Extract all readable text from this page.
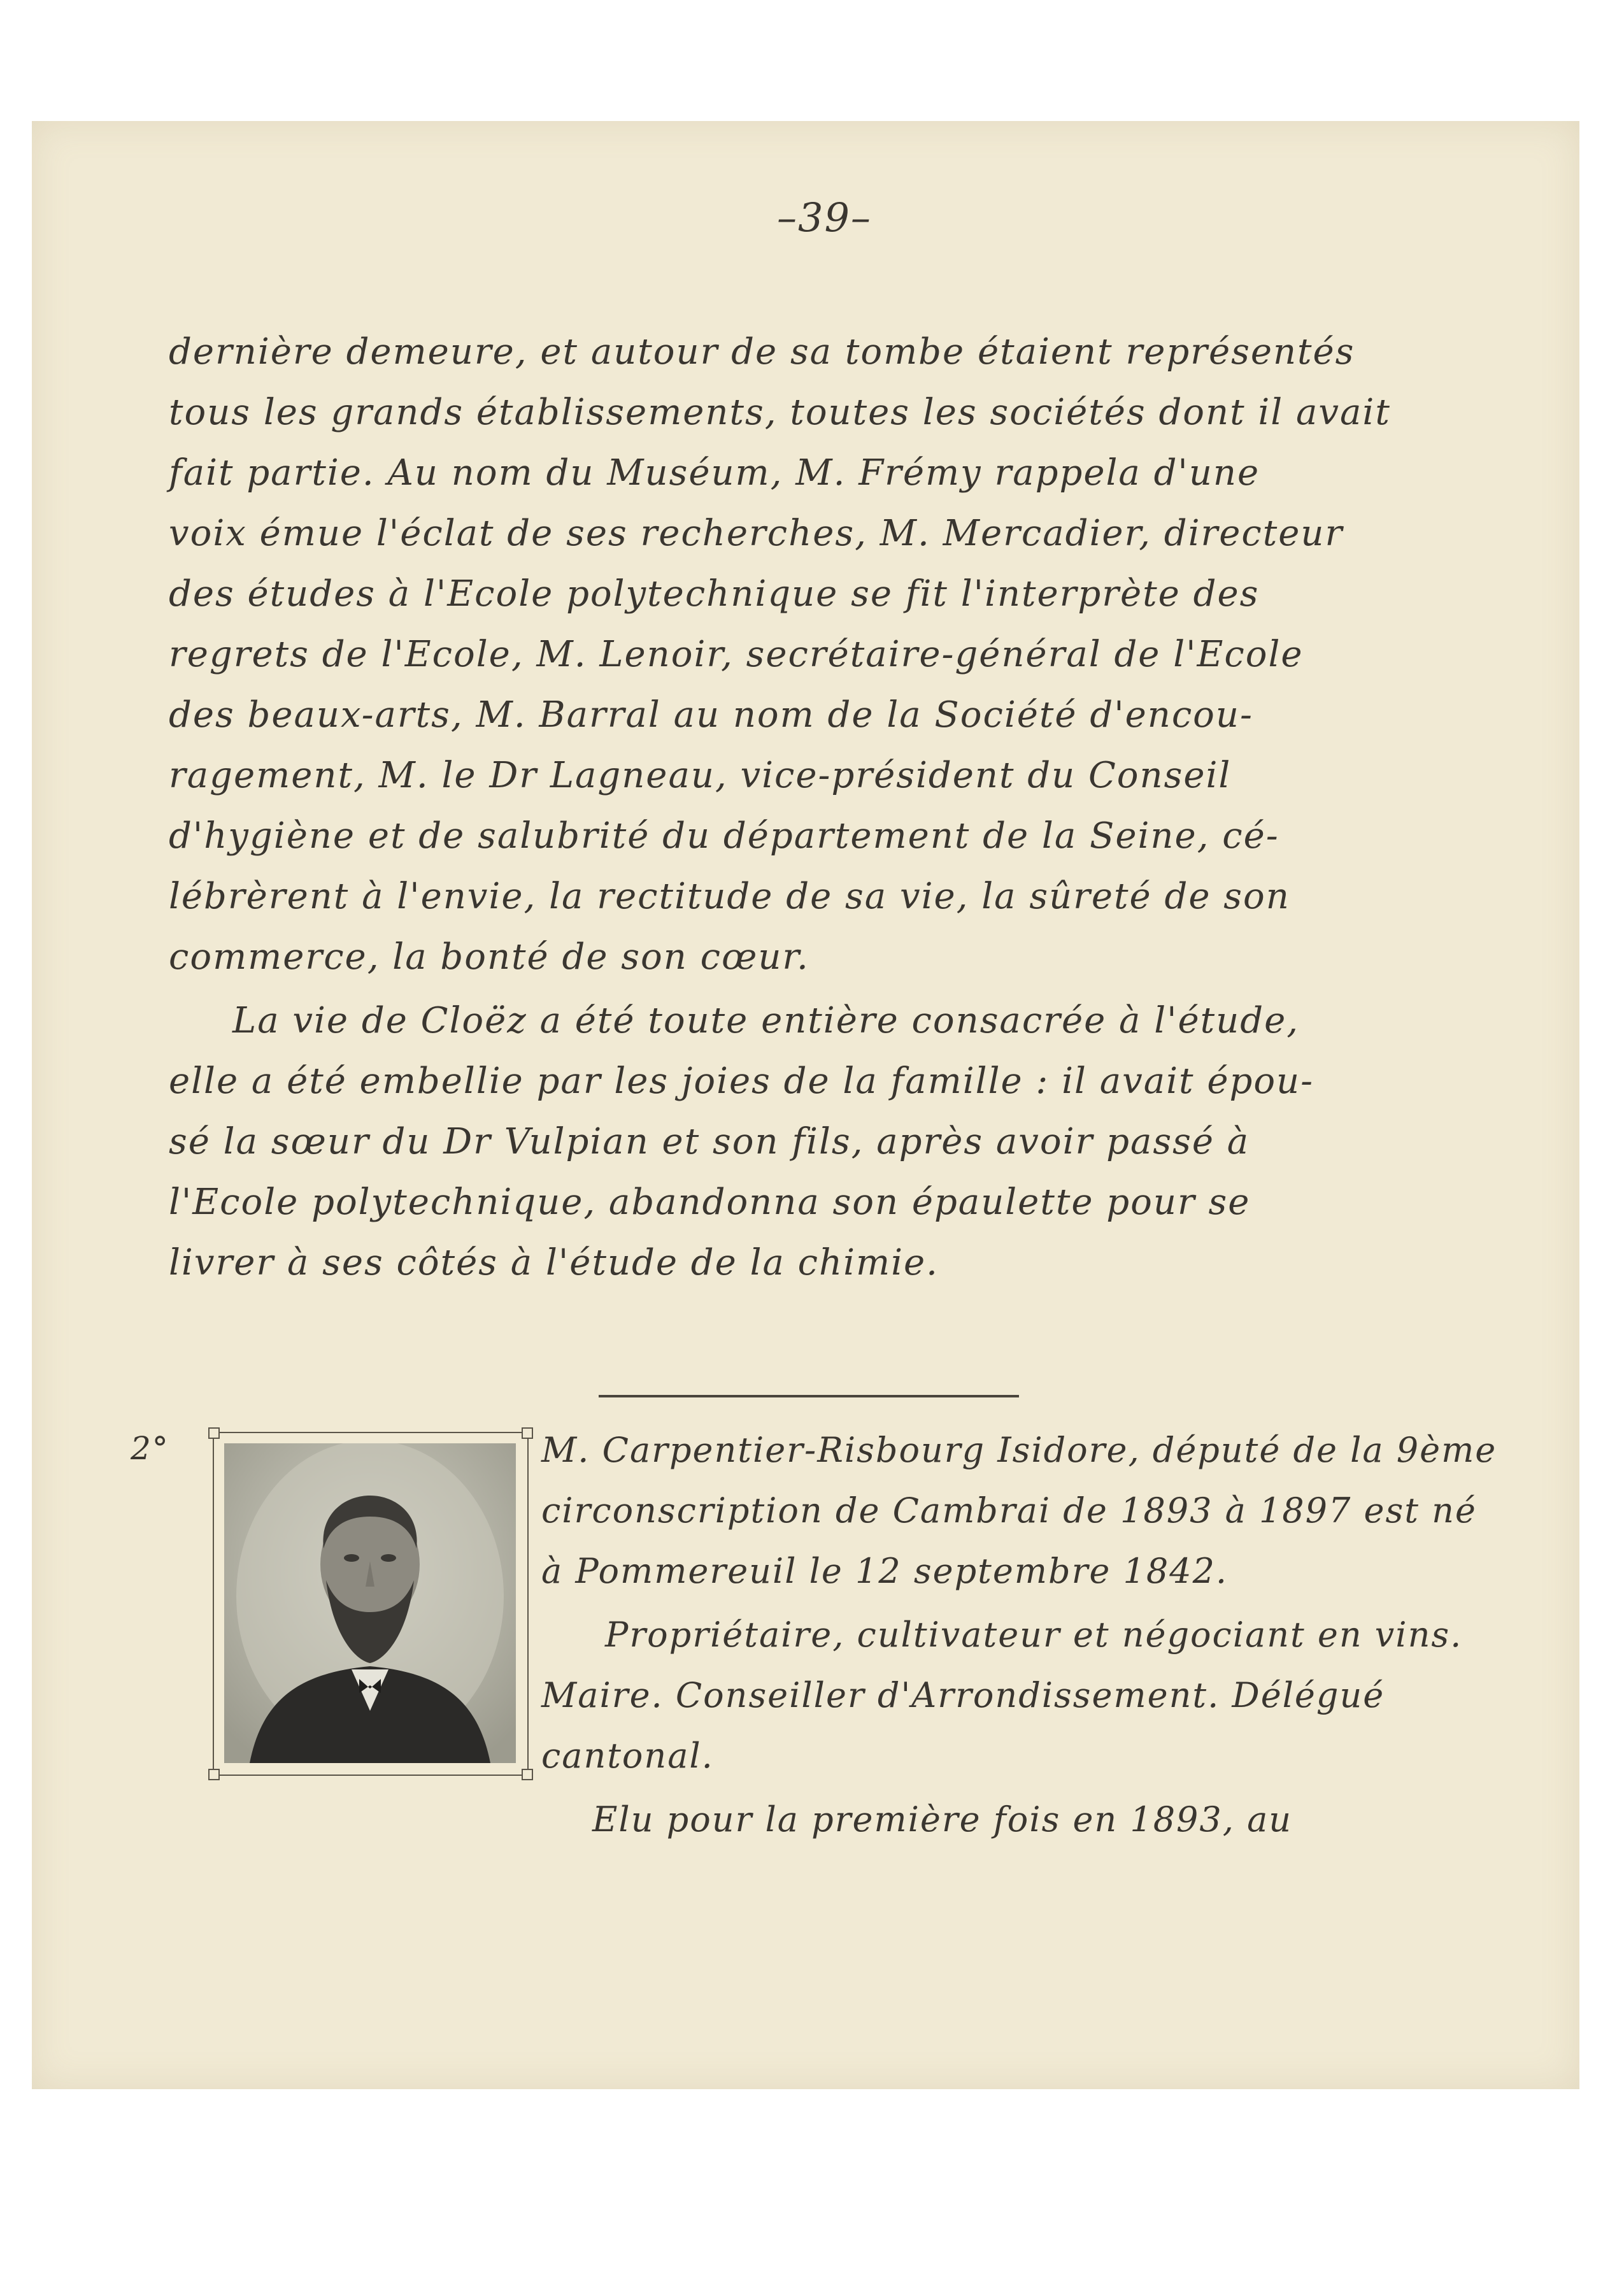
–39–
dernière demeure, et autour de sa tombe étaient représentés
tous les grands établissements, toutes les sociétés dont il avait
fait partie. Au nom du Muséum, M. Frémy rappela d'une
voix émue l'éclat de ses recherches, M. Mercadier, directeur
des études à l'Ecole polytechnique se fit l'interprète des
regrets de l'Ecole, M. Lenoir, secrétaire-général de l'Ecole
des beaux-arts, M. Barral au nom de la Société d'encou-
ragement, M. le Dr Lagneau, vice-président du Conseil
d'hygiène et de salubrité du département de la Seine, cé-
lébrèrent à l'envie, la rectitude de sa vie, la sûreté de son
commerce, la bonté de son cœur.
La vie de Cloëz a été toute entière consacrée à l'étude,
elle a été embellie par les joies de la famille : il avait épou-
sé la sœur du Dr Vulpian et son fils, après avoir passé à
l'Ecole polytechnique, abandonna son épaulette pour se
livrer à ses côtés à l'étude de la chimie.
2°	M. Carpentier-Risbourg Isidore, député de la 9ème
circonscription de Cambrai de 1893 à 1897 est né
à Pommereuil le 12 septembre 1842.
Propriétaire, cultivateur et négociant en vins.
Maire. Conseiller d'Arrondissement. Délégué
cantonal.
Elu pour la première fois en 1893, au
